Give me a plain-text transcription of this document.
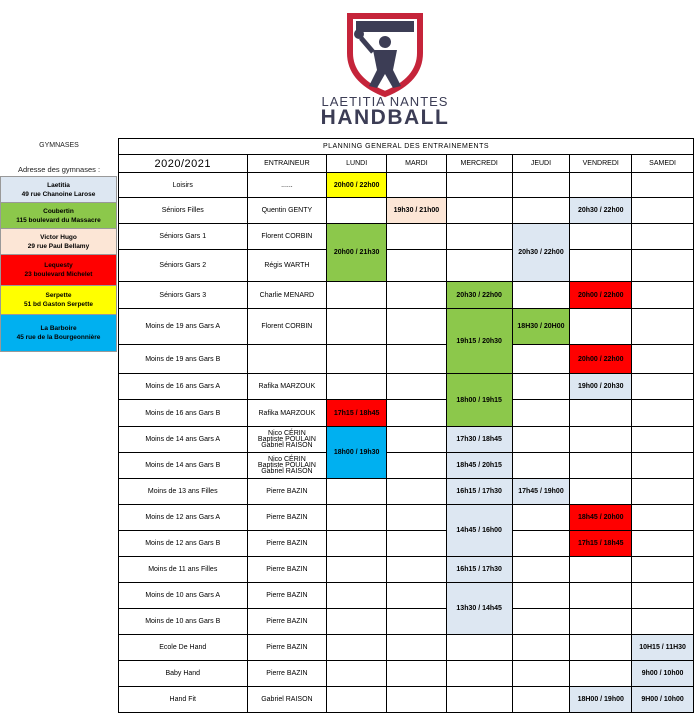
LAETITIA NANTES
HANDBALL
GYMNASES
Adresse des gymnases :
Laetitia
49 rue Chanoine Larose
Coubertin
115 boulevard du Massacre
Victor Hugo
29 rue Paul Bellamy
Lequesty
23 boulevard Michelet
Serpette
51 bd Gaston Serpette
La Barboire
45 rue de la Bourgeonnière
PLANNING GENERAL DES ENTRAINEMENTS							
2020/2021	ENTRAINEUR	LUNDI	MARDI	MERCREDI	JEUDI	VENDREDI	SAMEDI
Loisirs	......	20h00 / 22h00					
Séniors Filles	Quentin GENTY		19h30 / 21h00			20h30 / 22h00	
Séniors Gars 1	Florent CORBIN	20h00 / 21h30			20h30 / 22h00		
Séniors Gars 2	Régis WARTH						
Séniors Gars 3	Charlie MENARD			20h30 / 22h00		20h00 / 22h00	
Moins de 19 ans Gars A	Florent CORBIN			19h15 / 20h30	18H30 / 20H00		
Moins de 19 ans Gars B						20h00 / 22h00	
Moins de 16 ans Gars A	Rafika MARZOUK			18h00 / 19h15		19h00 / 20h30	
Moins de 16 ans Gars B	Rafika MARZOUK	17h15 / 18h45					
Moins de 14 ans Gars A	Nico CÉRIN
Baptiste POULAIN
Gabriel RAISON	18h00 / 19h30		17h30 / 18h45			
Moins de 14 ans Gars B	Nico CÉRIN
Baptiste POULAIN
Gabriel RAISON			18h45 / 20h15			
Moins de 13 ans Filles	Pierre BAZIN			16h15 / 17h30	17h45 / 19h00		
Moins de 12 ans Gars A	Pierre BAZIN			14h45 / 16h00		18h45 / 20h00	
Moins de 12 ans Gars B	Pierre BAZIN					17h15 / 18h45	
Moins de 11 ans Filles	Pierre BAZIN			16h15 / 17h30			
Moins de 10 ans Gars A	Pierre BAZIN			13h30 / 14h45			
Moins de 10 ans Gars B	Pierre BAZIN						
Ecole De Hand	Pierre BAZIN						10H15 / 11H30
Baby Hand	Pierre BAZIN						9h00 / 10h00
Hand Fit	Gabriel RAISON					18H00 / 19h00	9H00 / 10h00
